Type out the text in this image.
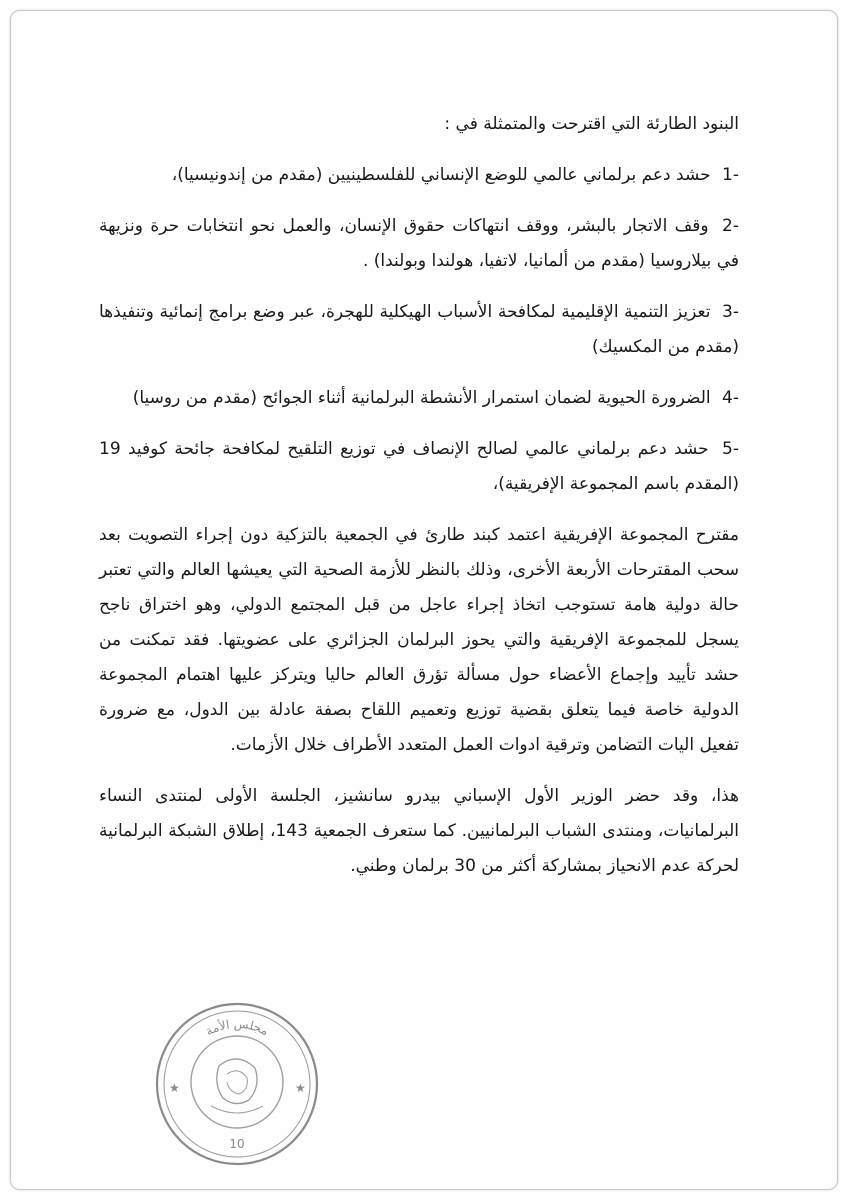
البنود الطارئة التي اقترحت والمتمثلة في :

-1 حشد دعم برلماني عالمي للوضع الإنساني للفلسطينيين (مقدم من إندونيسيا)،
-2 وقف الاتجار بالبشر، ووقف انتهاكات حقوق الإنسان، والعمل نحو انتخابات حرة ونزيهة في بيلاروسيا (مقدم من ألمانيا، لاتفيا، هولندا وبولندا) .
-3 تعزيز التنمية الإقليمية لمكافحة الأسباب الهيكلية للهجرة، عبر وضع برامج إنمائية وتنفيذها (مقدم من المكسيك)
-4 الضرورة الحيوية لضمان استمرار الأنشطة البرلمانية أثناء الجوائح (مقدم من روسيا)
-5 حشد دعم برلماني عالمي لصالح الإنصاف في توزيع التلقيح لمكافحة جائحة كوفيد 19 (المقدم باسم المجموعة الإفريقية)،

مقترح المجموعة الإفريقية اعتمد كبند طارئ في الجمعية بالتزكية دون إجراء التصويت بعد سحب المقترحات الأربعة الأخرى، وذلك بالنظر للأزمة الصحية التي يعيشها العالم والتي تعتبر حالة دولية هامة تستوجب اتخاذ إجراء عاجل من قبل المجتمع الدولي، وهو اختراق ناجح يسجل للمجموعة الإفريقية والتي يحوز البرلمان الجزائري على عضويتها. فقد تمكنت من حشد تأييد وإجماع الأعضاء حول مسألة تؤرق العالم حاليا ويتركز عليها اهتمام المجموعة الدولية خاصة فيما يتعلق بقضية توزيع وتعميم اللقاح بصفة عادلة بين الدول، مع ضرورة تفعيل اليات التضامن وترقية ادوات العمل المتعدد الأطراف خلال الأزمات.

هذا، وقد حضر الوزير الأول الإسباني بيدرو سانشيز، الجلسة الأولى لمنتدى النساء البرلمانيات، ومنتدى الشباب البرلمانيين. كما ستعرف الجمعية 143، إطلاق الشبكة البرلمانية لحركة عدم الانحياز بمشاركة أكثر من 30 برلمان وطني.

مجلس الأمة
★	★
10
